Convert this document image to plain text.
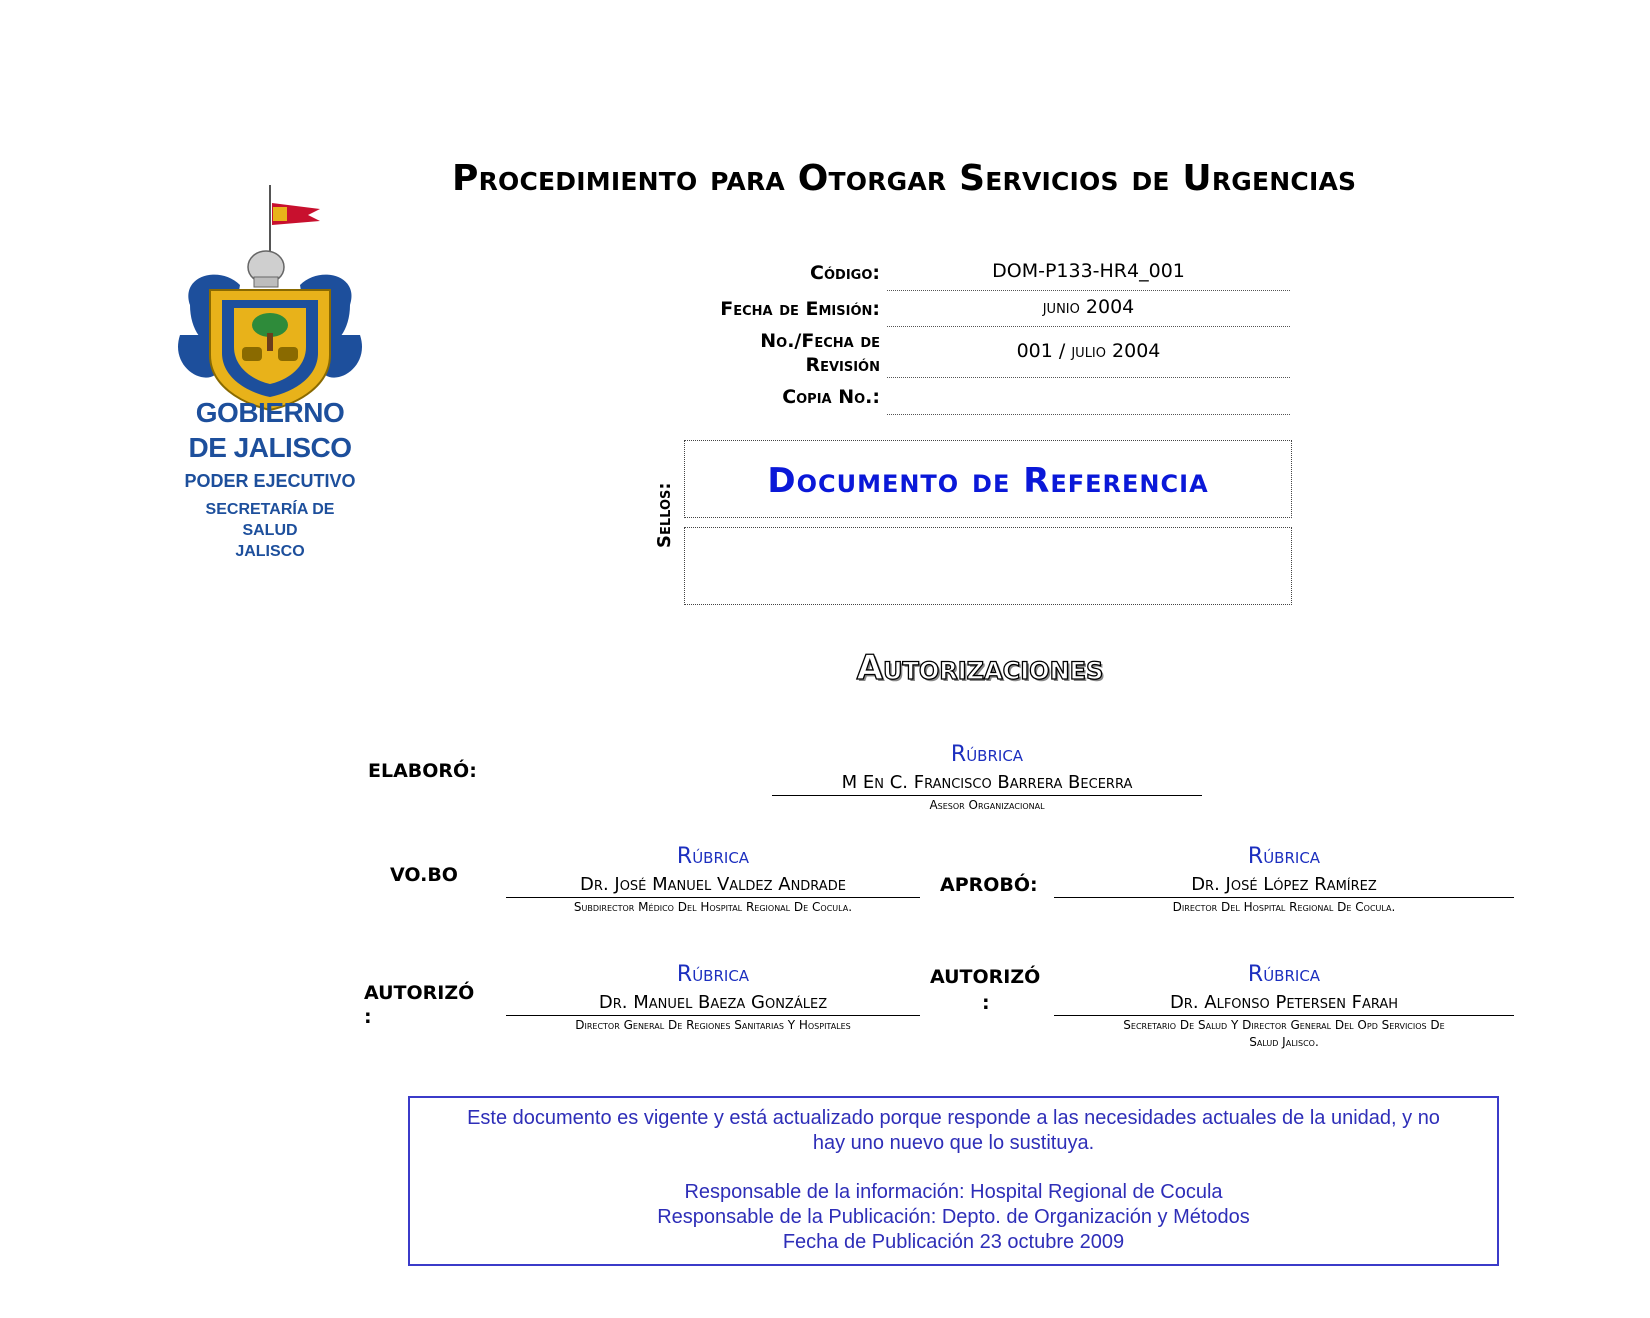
Procedimiento para Otorgar Servicios de Urgencias
GOBIERNO
DE JALISCO
PODER EJECUTIVO
SECRETARÍA DE
SALUD
JALISCO
Código:	DOM-P133-HR4_001
Fecha de Emisión:	junio 2004
No./Fecha de
Revisión
001 / julio 2004
Copia No.:
Sellos:
Documento de Referencia
Autorizaciones
ELABORÓ:
Rúbrica
M En C. Francisco Barrera Becerra
Asesor Organizacional
VO.BO
Rúbrica
Dr. José Manuel Valdez Andrade
Subdirector Médico Del Hospital Regional De Cocula.
APROBÓ:
Rúbrica
Dr. José López Ramírez
Director Del Hospital Regional De Cocula.
AUTORIZÓ
:
Rúbrica
Dr. Manuel Baeza González
Director General De Regiones Sanitarias Y Hospitales
AUTORIZÓ
:
Rúbrica
Dr. Alfonso Petersen Farah
Secretario De Salud Y Director General Del Opd Servicios De
Salud Jalisco.

Este documento es vigente y está actualizado porque responde a las necesidades actuales de la unidad, y no

hay uno nuevo que lo sustituya.

Responsable de la información: Hospital Regional de Cocula

Responsable de la Publicación: Depto. de Organización y Métodos

Fecha de Publicación 23 octubre 2009
